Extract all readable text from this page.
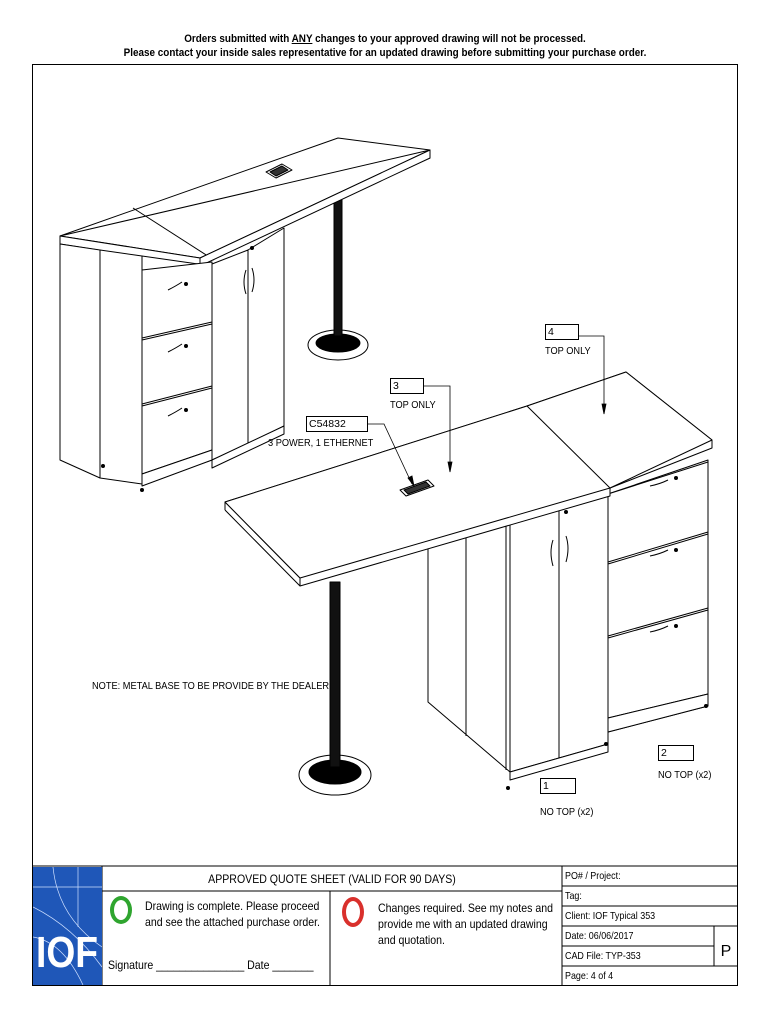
Orders submitted with ANY changes to your approved drawing will not be processed.
Please contact your inside sales representative for an updated drawing before submitting your purchase order.
4
TOP ONLY
3
TOP ONLY
C54832
3 POWER, 1 ETHERNET
2
NO TOP (x2)
1
NO TOP (x2)
NOTE: METAL BASE TO BE PROVIDE BY THE DEALER
IOF
APPROVED QUOTE SHEET (VALID FOR 90 DAYS)
Drawing is complete. Please proceed and see the attached purchase order.
Changes required. See my notes and provide me with an updated drawing and quotation.
Signature _______________ Date _______
PO# / Project:
Tag:
Client: IOF Typical 353
Date: 06/06/2017
CAD File: TYP-353
Page: 4 of 4
P
